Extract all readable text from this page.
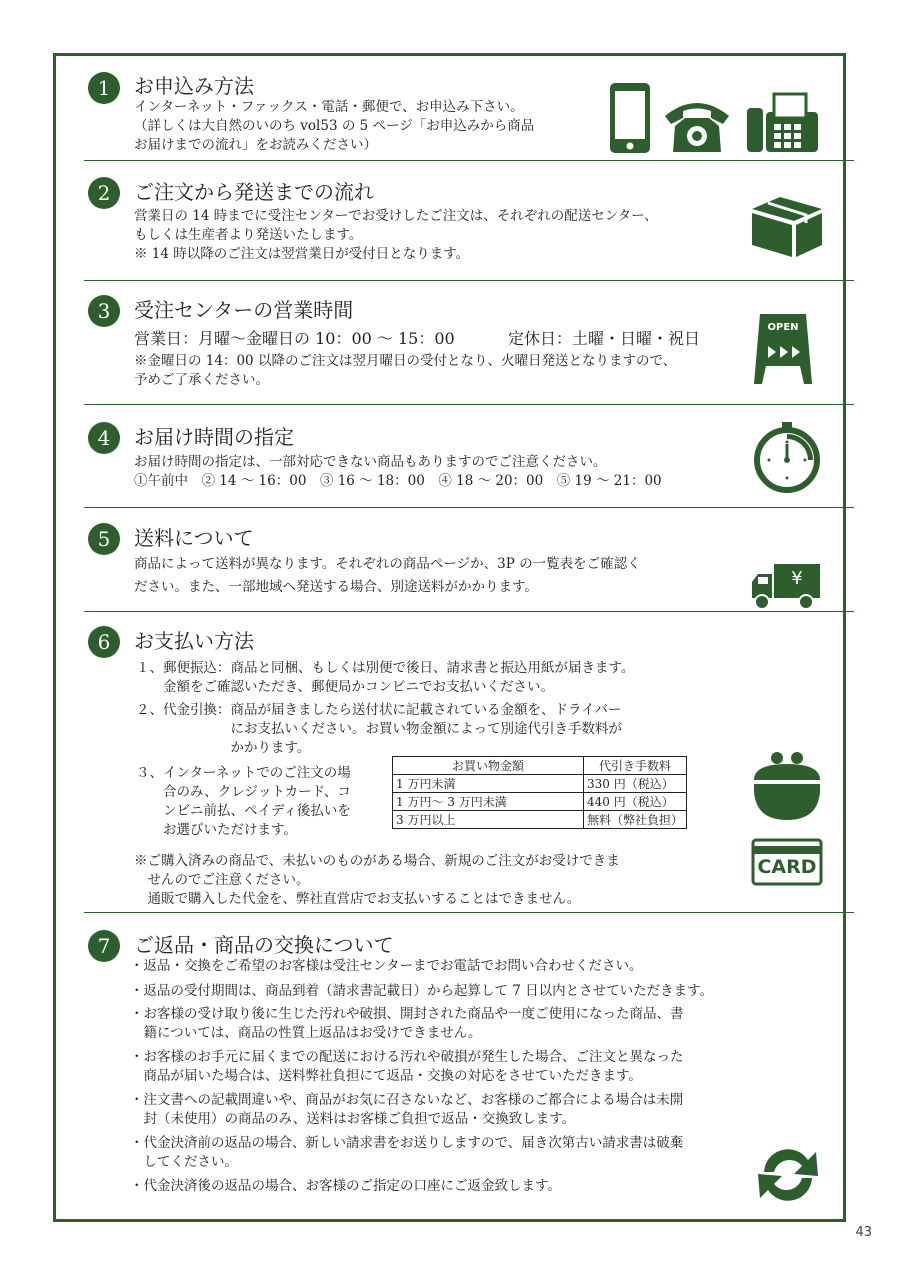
1	お申込み方法
インターネット・ファックス・電話・郵便で、お申込み下さい。
（詳しくは大自然のいのち vol53 の 5 ページ「お申込みから商品
お届けまでの流れ」をお読みください）
2	ご注文から発送までの流れ
営業日の 14 時までに受注センターでお受けしたご注文は、それぞれの配送センター、
もしくは生産者より発送いたします。
※ 14 時以降のご注文は翌営業日が受付日となります。
3	受注センターの営業時間
営業日：月曜～金曜日の 10：00 ～ 15：00	定休日：土曜・日曜・祝日
※金曜日の 14：00 以降のご注文は翌月曜日の受付となり、火曜日発送となりますので、
予めご了承ください。
OPEN
4	お届け時間の指定
お届け時間の指定は、一部対応できない商品もありますのでご注意ください。
①午前中　② 14 ～ 16：00　③ 16 ～ 18：00　④ 18 ～ 20：00　⑤ 19 ～ 21：00
5	送料について
商品によって送料が異なります。それぞれの商品ページか、3P の一覧表をご確認く
ださい。また、一部地域へ発送する場合、別途送料がかかります。	¥
6	お支払い方法
１、郵便振込：商品と同梱、もしくは別便で後日、請求書と振込用紙が届きます。
　　金額をご確認いただき、郵便局かコンビニでお支払いください。
２、代金引換：商品が届きましたら送付状に記載されている金額を、ドライバー
　　　　　　　にお支払いください。お買い物金額によって別途代引き手数料が
　　　　　　　かかります。
３、インターネットでのご注文の場
　　合のみ、クレジットカード、コ
　　ンビニ前払、ペイディ後払いを
　　お選びいただけます。
お買い物金額	代引き手数料
1 万円未満	330 円（税込）
1 万円～ 3 万円未満	440 円（税込）
3 万円以上	無料（弊社負担）
※ご購入済みの商品で、未払いのものがある場合、新規のご注文がお受けできま
　せんのでご注意ください。
　通販で購入した代金を、弊社直営店でお支払いすることはできません。
CARD
7	ご返品・商品の交換について
・返品・交換をご希望のお客様は受注センターまでお電話でお問い合わせください。
・返品の受付期間は、商品到着（請求書記載日）から起算して 7 日以内とさせていただきます。
・お客様の受け取り後に生じた汚れや破損、開封された商品や一度ご使用になった商品、書
　籍については、商品の性質上返品はお受けできません。
・お客様のお手元に届くまでの配送における汚れや破損が発生した場合、ご注文と異なった
　商品が届いた場合は、送料弊社負担にて返品・交換の対応をさせていただきます。
・注文書への記載間違いや、商品がお気に召さないなど、お客様のご都合による場合は未開
　封（未使用）の商品のみ、送料はお客様ご負担で返品・交換致します。
・代金決済前の返品の場合、新しい請求書をお送りしますので、届き次第古い請求書は破棄
　してください。
・代金決済後の返品の場合、お客様のご指定の口座にご返金致します。
43
